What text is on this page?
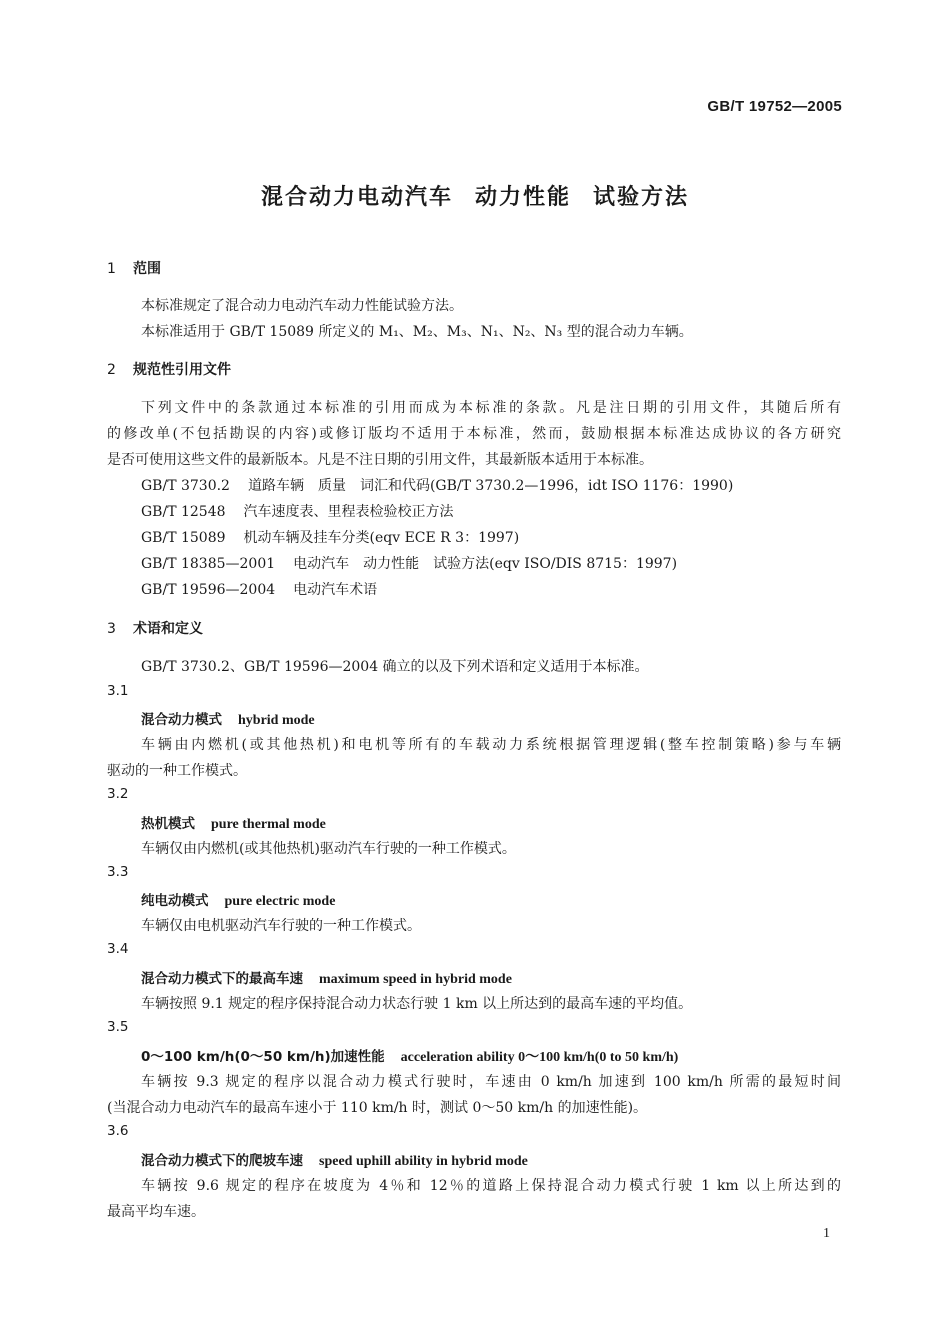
GB/T 19752—2005
混合动力电动汽车 动力性能 试验方法
1 范围
本标准规定了混合动力电动汽车动力性能试验方法。
本标准适用于 GB/T 15089 所定义的 M₁、M₂、M₃、N₁、N₂、N₃ 型的混合动力车辆。
2 规范性引用文件
下列文件中的条款通过本标准的引用而成为本标准的条款。凡是注日期的引用文件，其随后所有
的修改单(不包括勘误的内容)或修订版均不适用于本标准，然而，鼓励根据本标准达成协议的各方研究
是否可使用这些文件的最新版本。凡是不注日期的引用文件，其最新版本适用于本标准。
GB/T 3730.2 道路车辆　质量　词汇和代码(GB/T 3730.2—1996，idt ISO 1176：1990)
GB/T 12548 汽车速度表、里程表检验校正方法
GB/T 15089 机动车辆及挂车分类(eqv ECE R 3：1997)
GB/T 18385—2001 电动汽车　动力性能　试验方法(eqv ISO/DIS 8715：1997)
GB/T 19596—2004 电动汽车术语
3 术语和定义
GB/T 3730.2、GB/T 19596—2004 确立的以及下列术语和定义适用于本标准。
3.1
混合动力模式 hybrid mode
车辆由内燃机(或其他热机)和电机等所有的车载动力系统根据管理逻辑(整车控制策略)参与车辆
驱动的一种工作模式。
3.2
热机模式 pure thermal mode
车辆仅由内燃机(或其他热机)驱动汽车行驶的一种工作模式。
3.3
纯电动模式 pure electric mode
车辆仅由电机驱动汽车行驶的一种工作模式。
3.4
混合动力模式下的最高车速 maximum speed in hybrid mode
车辆按照 9.1 规定的程序保持混合动力状态行驶 1 km 以上所达到的最高车速的平均值。
3.5
0～100 km/h(0～50 km/h)加速性能 acceleration ability 0～100 km/h(0 to 50 km/h)
车辆按 9.3 规定的程序以混合动力模式行驶时，车速由 0 km/h 加速到 100 km/h 所需的最短时间
(当混合动力电动汽车的最高车速小于 110 km/h 时，测试 0～50 km/h 的加速性能)。
3.6
混合动力模式下的爬坡车速 speed uphill ability in hybrid mode
车辆按 9.6 规定的程序在坡度为 4％和 12％的道路上保持混合动力模式行驶 1 km 以上所达到的
最高平均车速。
1
